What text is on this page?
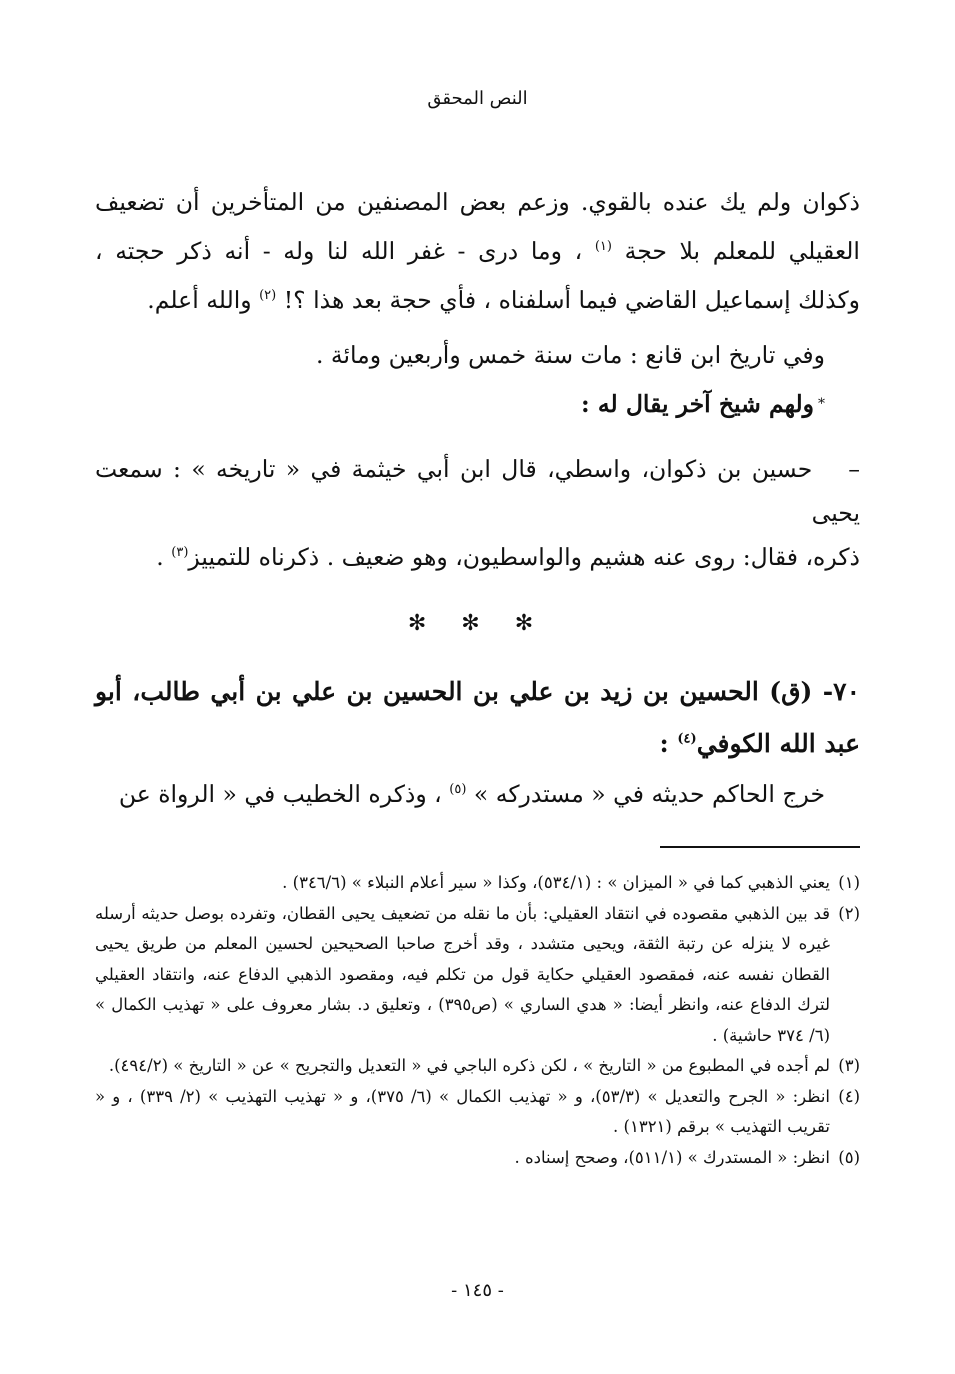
النص المحقق

ذكوان ولم يك عنده بالقوي. وزعم بعض المصنفين من المتأخرين أن تضعيف

العقيلي للمعلم بلا حجة $^{(١)}$ ، وما درى - غفر الله لنا وله - أنه ذكر حجته ،

وكذلك إسماعيل القاضي فيما أسلفناه ، فأي حجة بعد هذا ؟! $^{(٢)}$ والله أعلم.

وفي تاريخ ابن قانع : مات سنة خمس وأربعين ومائة .

*ولهم شيخ آخر يقال له :

–حسين بن ذكوان، واسطي، قال ابن أبي خيثمة في « تاريخه » : سمعت يحيى

ذكره، فقال: روى عنه هشيم والواسطيون، وهو ضعيف . ذكرناه للتمييز$^{(٣)}$ .

✻ ✻ ✻

٧٠- (ق) الحسين بن زيد بن علي بن الحسين بن علي بن أبي طالب، أبو

عبد الله الكوفي$^{(٤)}$ :

خرج الحاكم حديثه في « مستدركه » $^{(٥)}$ ، وذكره الخطيب في « الرواة عن

(١)يعني الذهبي كما في « الميزان » : (٥٣٤/١)، وكذا « سير أعلام النبلاء » (٣٤٦/٦) .

(٢)قد بين الذهبي مقصوده في انتقاد العقيلي: بأن ما نقله من تضعيف يحيى القطان، وتفرده بوصل حديثه أرسله غيره لا ينزله عن رتبة الثقة، ويحيى متشدد ، وقد أخرج صاحبا الصحيحين لحسين المعلم من طريق يحيى القطان نفسه عنه، فمقصود العقيلي حكاية قول من تكلم فيه، ومقصود الذهبي الدفاع عنه، وانتقاد العقيلي لترك الدفاع عنه، وانظر أيضا: « هدي الساري » (ص٣٩٥) ، وتعليق د. بشار معروف على « تهذيب الكمال » (٦/ ٣٧٤ حاشية) .

(٣)لم أجده في المطبوع من « التاريخ » ، لكن ذكره الباجي في « التعديل والتجريح » عن « التاريخ » (٤٩٤/٢).

(٤)انظر: « الجرح والتعديل » (٥٣/٣)، و « تهذيب الكمال » (٦/ ٣٧٥)، و « تهذيب التهذيب » (٢/ ٣٣٩) ، و « تقريب التهذيب » برقم (١٣٢١) .

(٥)انظر: « المستدرك » (٥١١/١)، وصحح إسناده .

- ١٤٥ -
